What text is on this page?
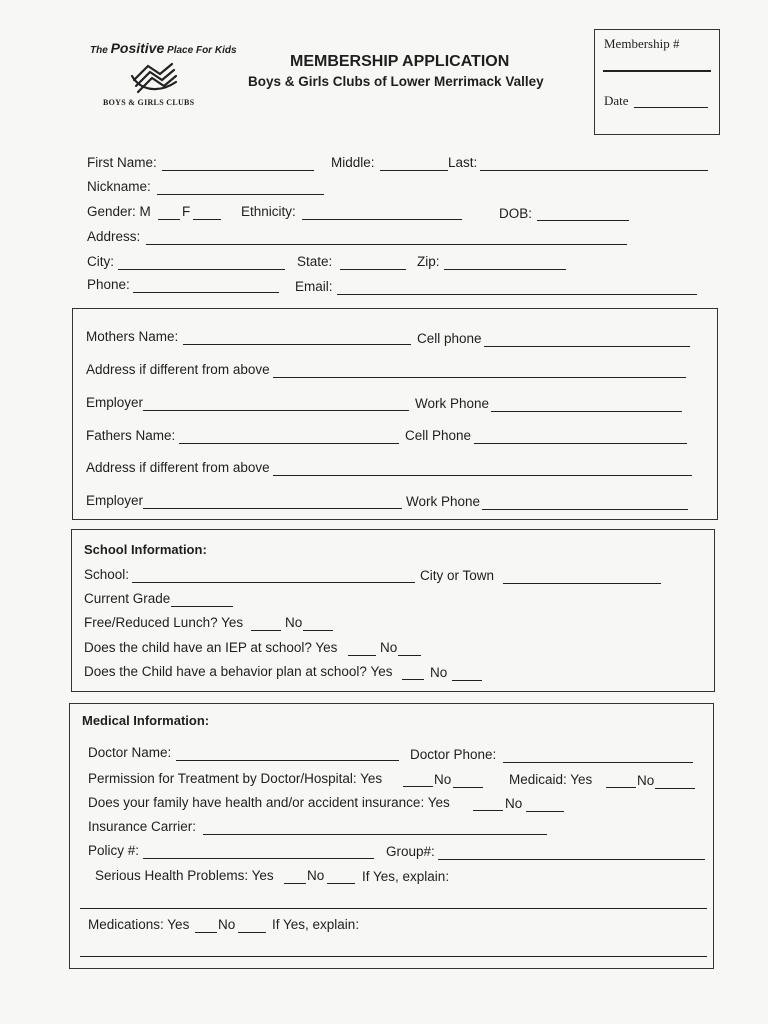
The Positive Place For Kids
BOYS & GIRLS CLUBS
MEMBERSHIP APPLICATION
Boys & Girls Clubs of Lower Merrimack Valley
Membership #
Date
First Name:	Middle:	Last:
Nickname:
Gender: M F	Ethnicity:	DOB:
Address:
City:	State:	Zip:
Phone:	Email:
Mothers Name:	Cell phone
Address if different from above
Employer	Work Phone
Fathers Name:	Cell Phone
Address if different from above
Employer	Work Phone
School Information:
School:	City or Town
Current Grade
Free/Reduced Lunch? Yes	No
Does the child have an IEP at school? Yes	No
Does the Child have a behavior plan at school? Yes	No
Medical Information:
Doctor Name:	Doctor Phone:
Permission for Treatment by Doctor/Hospital: Yes	No	Medicaid: Yes	No
Does your family have health and/or accident insurance: Yes	No
Insurance Carrier:
Policy #:	Group#:
Serious Health Problems: Yes No	If Yes, explain:
Medications: Yes No	If Yes, explain:
